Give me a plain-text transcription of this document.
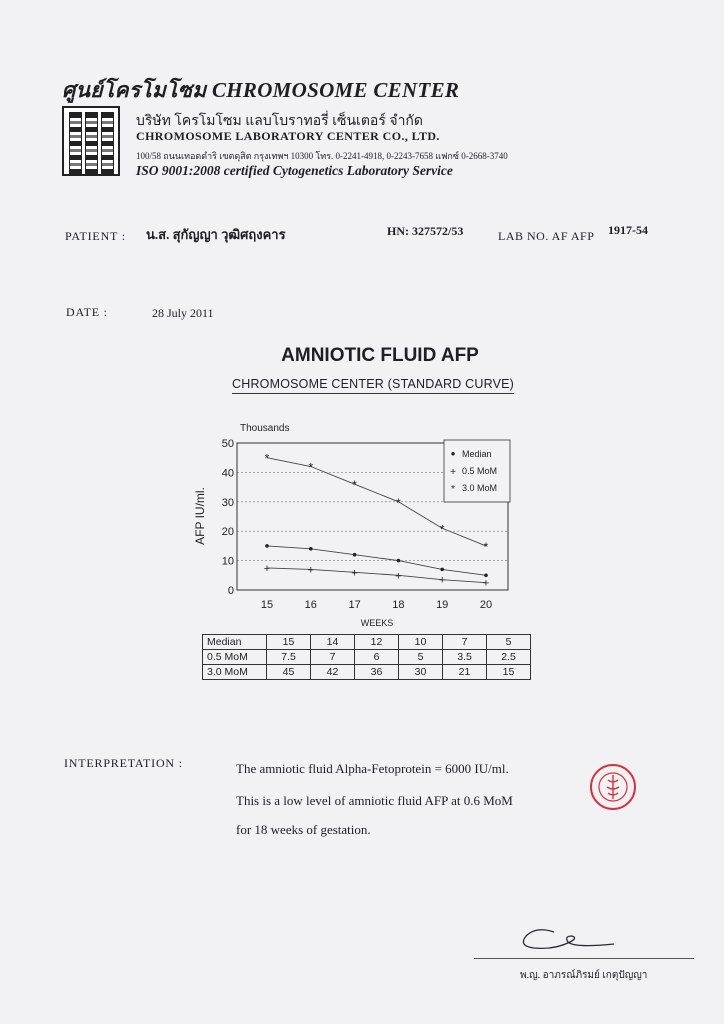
ศูนย์โครโมโซม CHROMOSOME CENTER
บริษัท โครโมโซม แลบโบราทอรี่ เซ็นเตอร์ จำกัด
CHROMOSOME LABORATORY CENTER CO., LTD.
100/58 ถนนเทอดดำริ เขตดุสิต กรุงเทพฯ 10300 โทร. 0-2241-4918, 0-2243-7658 แฟกซ์ 0-2668-3740
ISO 9001:2008 certified Cytogenetics Laboratory Service
PATIENT : น.ส. สุกัญญา วุฒิศฤงคาร	HN: 327572/53	LAB NO. AF AFP 1917-54
DATE :	28 July 2011
AMNIOTIC FLUID AFP
CHROMOSOME CENTER (STANDARD CURVE)
+	+	+	+	+	+
*
*
*
*
*
*
0
10
20
30
40
50
15	16	17	18	19	20
Thousands
AFP IU/ml.
WEEKS
• Median
+ 0.5 MoM
* 3.0 MoM
Median	15	14	12	10	7	5
0.5 MoM	7.5	7	6	5	3.5	2.5
3.0 MoM	45	42	36	30	21	15
INTERPRETATION :	The amniotic fluid Alpha-Fetoprotein = 6000 IU/ml.
This is a low level of amniotic fluid AFP at 0.6 MoM
for 18 weeks of gestation.
พ.ญ. อาภรณ์ภิรมย์ เกตุปัญญา
